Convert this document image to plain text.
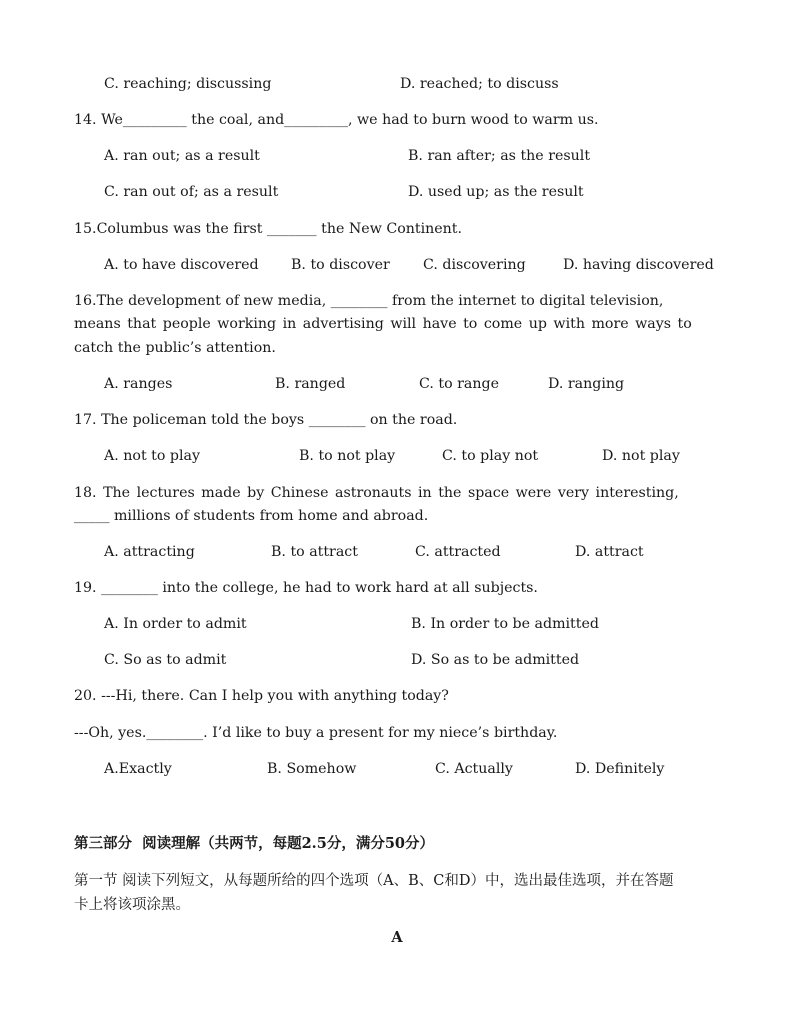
C. reaching; discussing	D. reached; to discuss
14. We_________ the coal, and_________, we had to burn wood to warm us.
A. ran out; as a result	B. ran after; as the result
C. ran out of; as a result	D. used up; as the result
15.Columbus was the first _______ the New Continent.
A. to have discovered B. to discover C. discovering	D. having discovered
16.The development of new media, ________ from the internet to digital television,
means that people working in advertising will have to come up with more ways to
catch the public’s attention.
A. ranges	B. ranged	C. to range	D. ranging
17. The policeman told the boys ________ on the road.
A. not to play	B. to not play	C. to play not	D. not play
18. The lectures made by Chinese astronauts in the space were very interesting,
_____ millions of students from home and abroad.
A. attracting	B. to attract	C. attracted	D. attract
19. ________ into the college, he had to work hard at all subjects.
A. In order to admit	B. In order to be admitted
C. So as to admit	D. So as to be admitted
20. ---Hi, there. Can I help you with anything today?
---Oh, yes.________. I’d like to buy a present for my niece’s birthday.
A.Exactly	B. Somehow	C. Actually	D. Definitely
第三部分  阅读理解（共两节，每题2.5分，满分50分）
第一节 阅读下列短文，从每题所给的四个选项（A、B、C和D）中，选出最佳选项，并在答题
卡上将该项涂黑。
A
